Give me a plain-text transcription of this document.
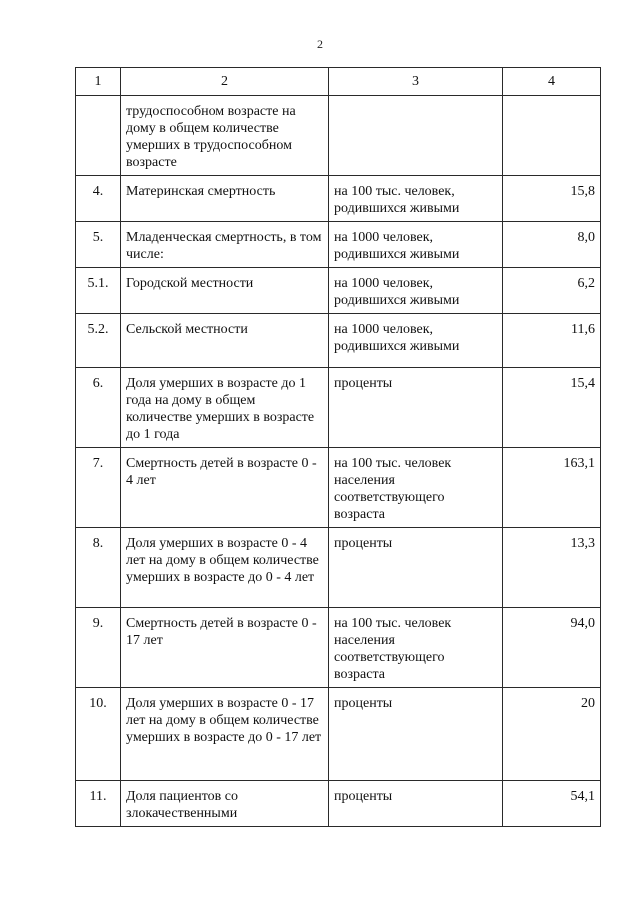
2
1	2	3	4
	трудоспособном возрасте на дому в общем количестве умерших в трудоспособном возрасте		
4.	Материнская смертность	на 100 тыс. человек, родившихся живыми	15,8
5.	Младенческая смертность, в том числе:	на 1000 человек, родившихся живыми	8,0
5.1.	Городской местности	на 1000 человек, родившихся живыми	6,2
5.2.	Сельской местности	на 1000 человек, родившихся живыми	11,6
6.	Доля умерших в возрасте до 1 года на дому в общем количестве умерших в возрасте до 1 года	проценты	15,4
7.	Смертность детей в возрасте 0 - 4 лет	на 100 тыс. человек населения соответствующего возраста	163,1
8.	Доля умерших в возрасте 0 - 4 лет на дому в общем количестве умерших в возрасте до 0 - 4 лет	проценты	13,3
9.	Смертность детей в возрасте 0 - 17 лет	на 100 тыс. человек населения соответствующего возраста	94,0
10.	Доля умерших в возрасте 0 - 17 лет на дому в общем количестве умерших в возрасте до 0 - 17 лет	проценты	20
11.	Доля пациентов со злокачественными	проценты	54,1
